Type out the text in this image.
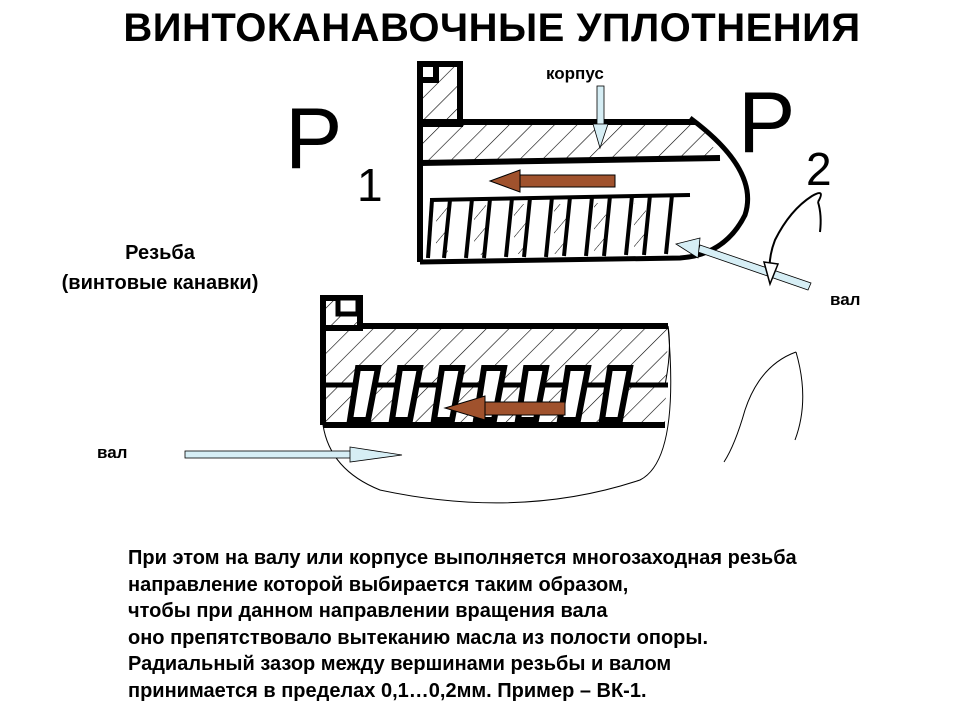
ВИНТОКАНАВОЧНЫЕ УПЛОТНЕНИЯ
P 1
P 2
корпус
вал
вал
Резьба
(винтовые канавки)
При этом на валу или корпусе выполняется многозаходная резьба
направление которой выбирается таким образом,
чтобы при данном направлении вращения вала
оно препятствовало вытеканию масла из полости опоры.
Радиальный зазор между вершинами резьбы и валом
принимается в пределах 0,1…0,2мм. Пример – ВК-1.
